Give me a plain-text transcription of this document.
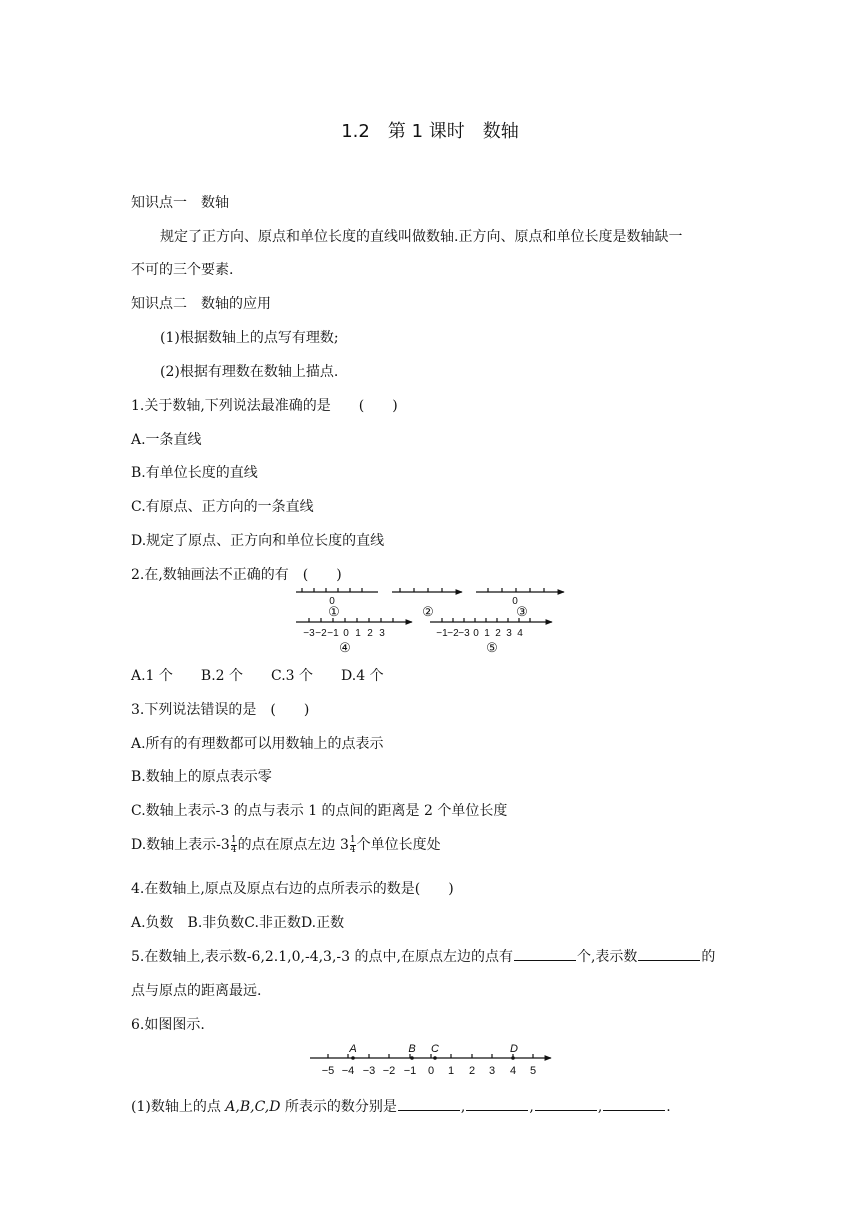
1.2　第 1 课时　数轴
知识点一　数轴
规定了正方向、原点和单位长度的直线叫做数轴.正方向、原点和单位长度是数轴缺一
不可的三个要素.
知识点二　数轴的应用
(1)根据数轴上的点写有理数;
(2)根据有理数在数轴上描点.
1.关于数轴,下列说法最准确的是　　(　　)
A.一条直线
B.有单位长度的直线
C.有原点、正方向的一条直线
D.规定了原点、正方向和单位长度的直线
2.在,数轴画法不正确的有　(　　)
0	0
①	②	③
−3 −2 −1 0 1 2 3	−1 −2 −3 0 1 2 3 4
④	⑤
A.1 个　　B.2 个　　C.3 个　　D.4 个
3.下列说法错误的是　(　　)
A.所有的有理数都可以用数轴上的点表示
B.数轴上的原点表示零
C.数轴上表示-3 的点与表示 1 的点间的距离是 2 个单位长度
D.数轴上表示$-3 \frac{1}{4}$ 的点在原点左边 $3 \frac{1}{4}$ 个单位长度处
4.在数轴上,原点及原点右边的点所表示的数是(　　)
A.负数　B.非负数C.非正数D.正数
5.在数轴上,表示数-6,2.1,0,-4,3,-3 的点中,在原点左边的点有	个,表示数	的
点与原点的距离最远.
6.如图图示.
A	B C	D
−5 −4 −3 −2 −1 0 1 2 3 4 5
(1)数轴上的点 A,B,C,D 所表示的数分别是	,	,	,	.
